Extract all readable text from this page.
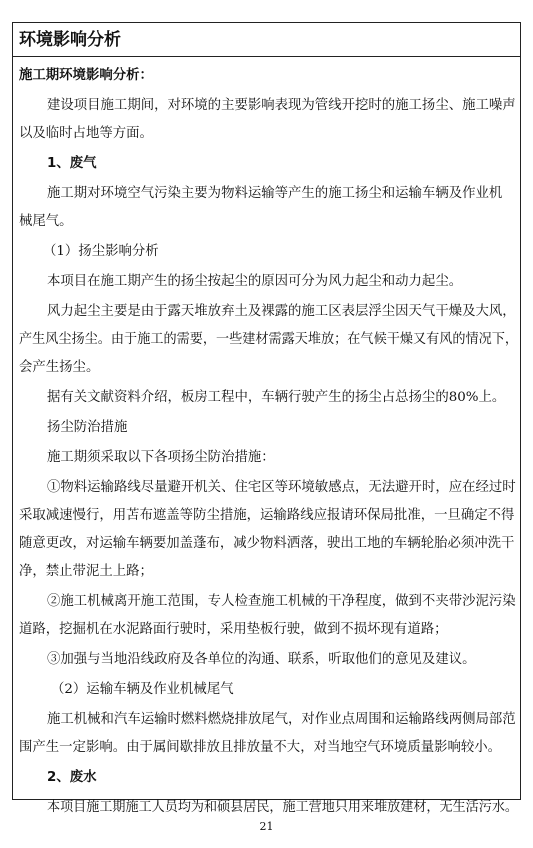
环境影响分析
施工期环境影响分析：
建设项目施工期间，对环境的主要影响表现为管线开挖时的施工扬尘、施工噪声
以及临时占地等方面。
1、废气
施工期对环境空气污染主要为物料运输等产生的施工扬尘和运输车辆及作业机
械尾气。
（1）扬尘影响分析
本项目在施工期产生的扬尘按起尘的原因可分为风力起尘和动力起尘。
风力起尘主要是由于露天堆放弃土及裸露的施工区表层浮尘因天气干燥及大风，
产生风尘扬尘。由于施工的需要，一些建材需露天堆放；在气候干燥又有风的情况下，
会产生扬尘。
据有关文献资料介绍，板房工程中，车辆行驶产生的扬尘占总扬尘的80%上。
扬尘防治措施
施工期须采取以下各项扬尘防治措施：
①物料运输路线尽量避开机关、住宅区等环境敏感点，无法避开时，应在经过时
采取减速慢行，用苫布遮盖等防尘措施，运输路线应报请环保局批准，一旦确定不得
随意更改，对运输车辆要加盖蓬布，减少物料洒落，驶出工地的车辆轮胎必须冲洗干
净，禁止带泥土上路；
②施工机械离开施工范围，专人检查施工机械的干净程度，做到不夹带沙泥污染
道路，挖掘机在水泥路面行驶时，采用垫板行驶，做到不损坏现有道路；
③加强与当地沿线政府及各单位的沟通、联系，听取他们的意见及建议。
（2）运输车辆及作业机械尾气
施工机械和汽车运输时燃料燃烧排放尾气，对作业点周围和运输路线两侧局部范
围产生一定影响。由于属间歇排放且排放量不大，对当地空气环境质量影响较小。
2、废水
本项目施工期施工人员均为和硕县居民，施工营地只用来堆放建材，无生活污水。
21
